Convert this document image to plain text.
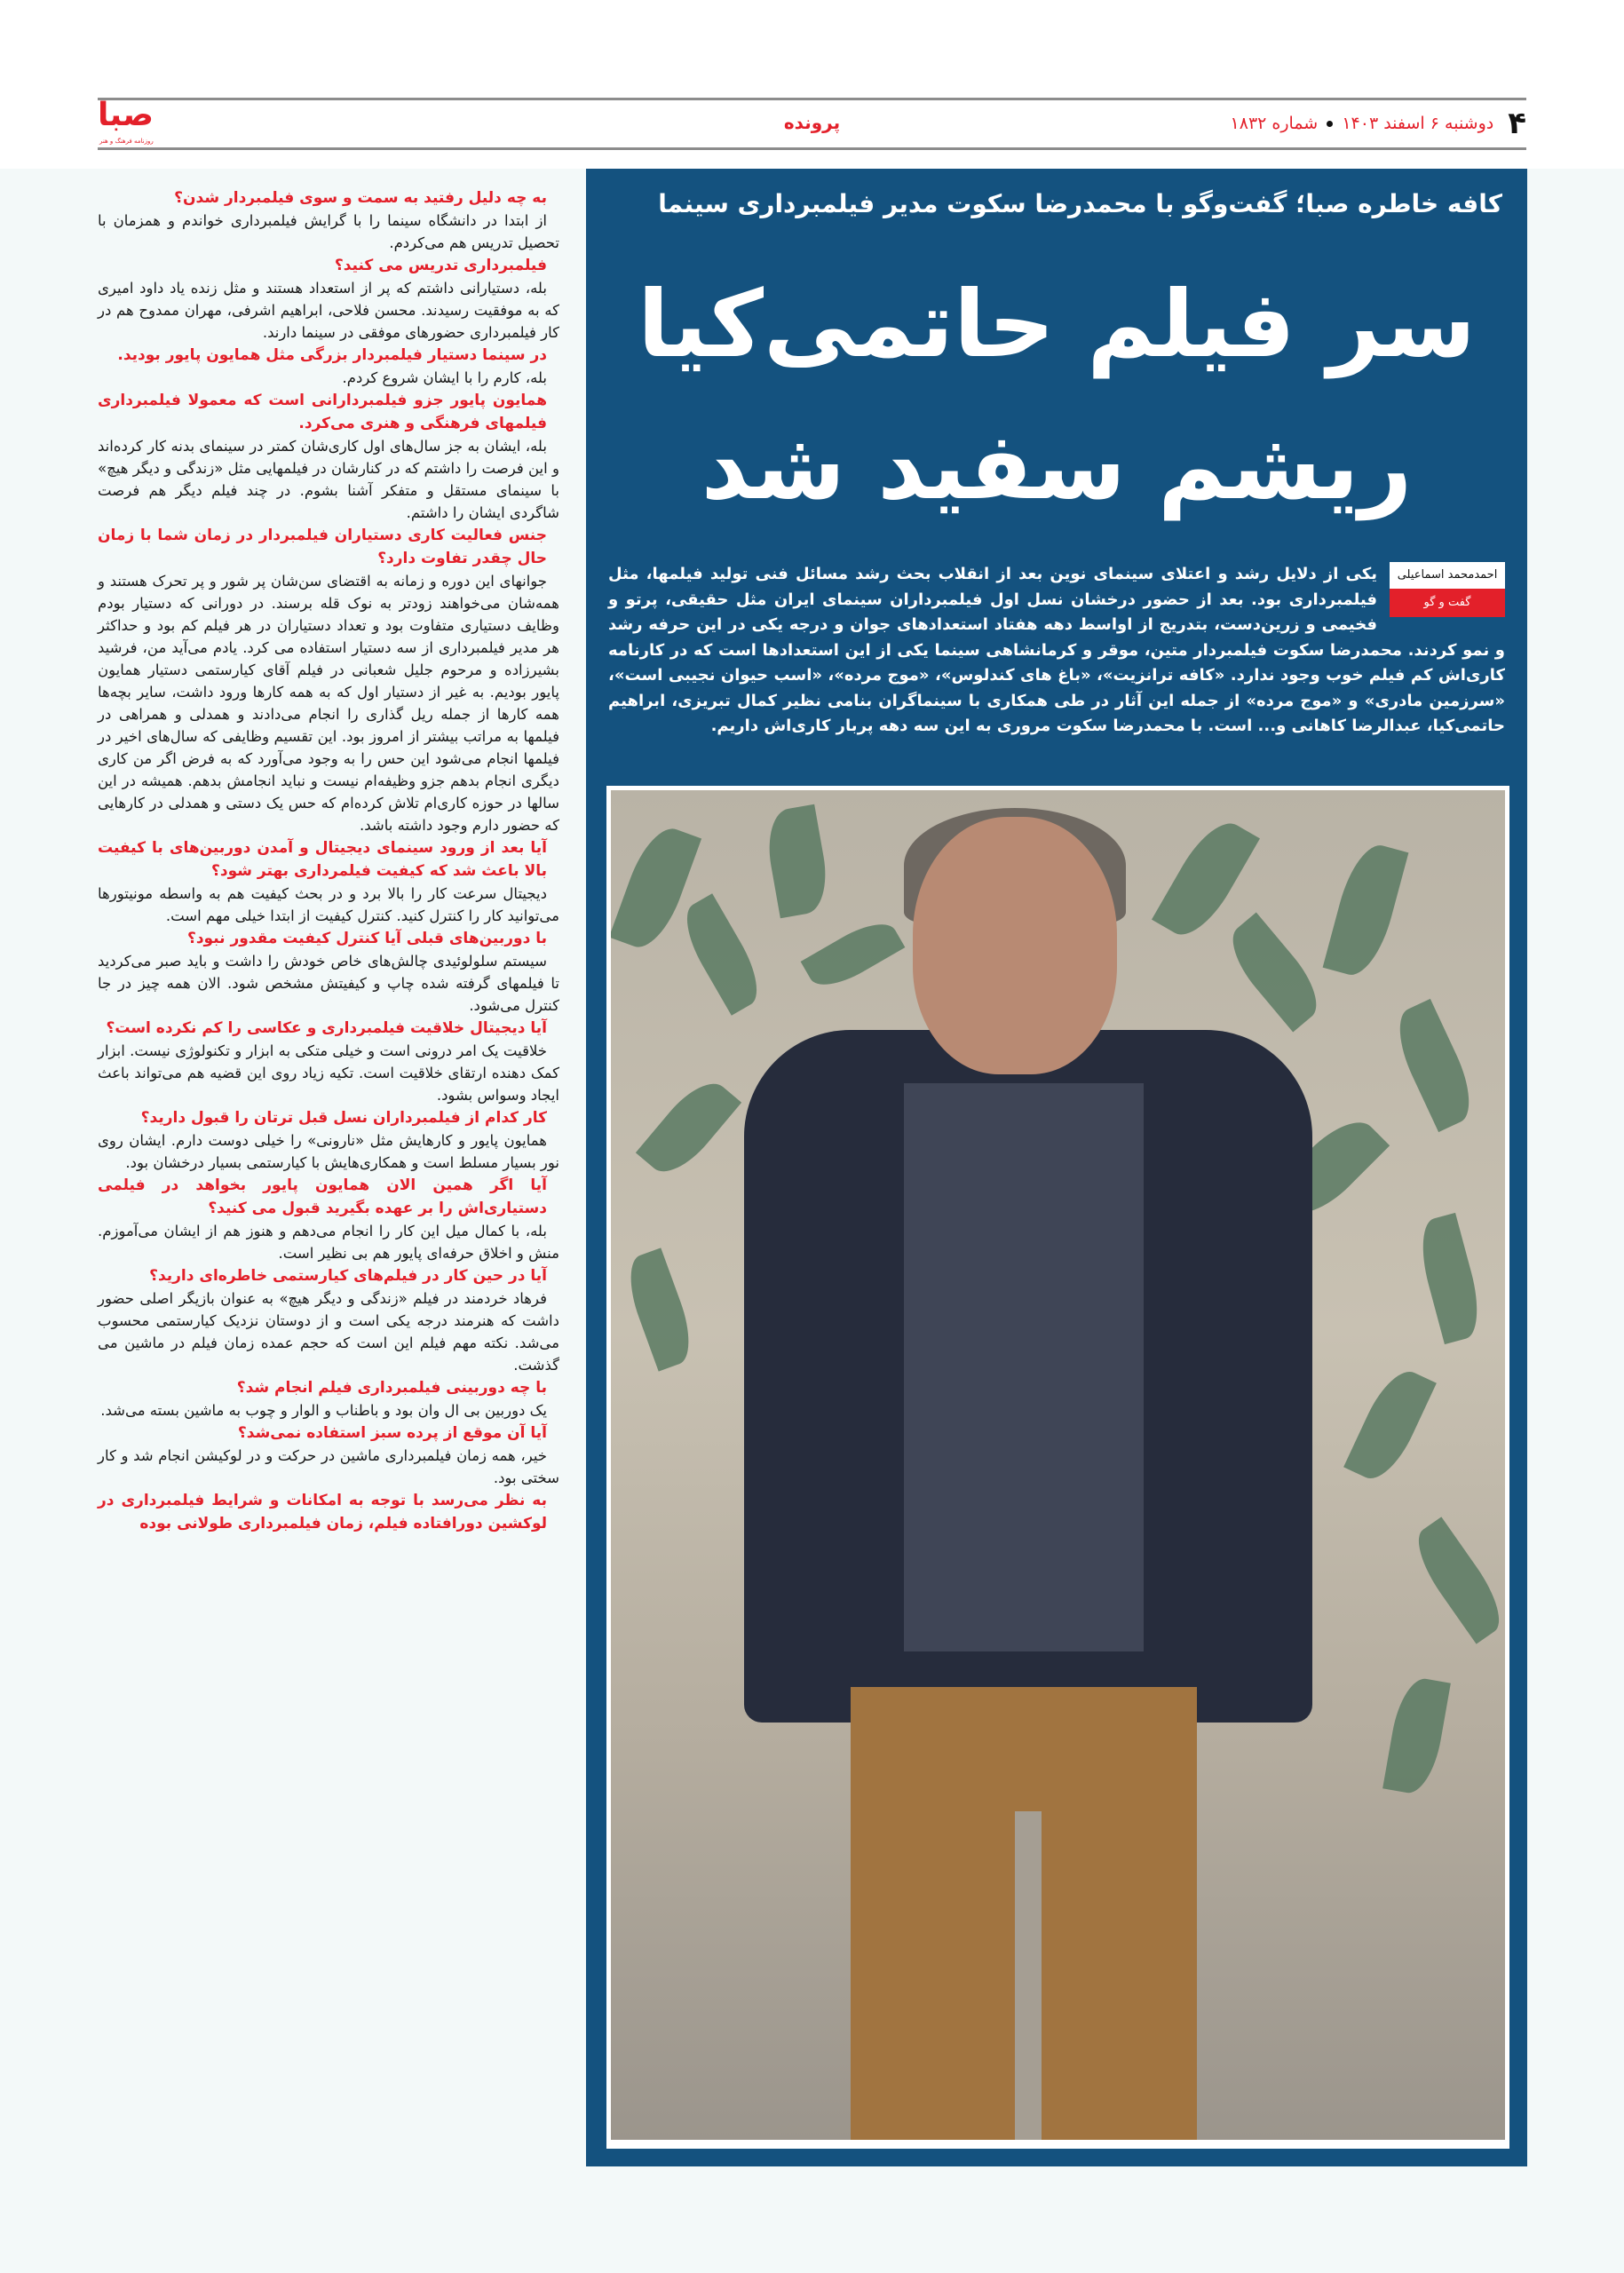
صبا
روزنامه فرهنگ و هنر
پرونده	۴
دوشنبه ۶ اسفند ۱۴۰۳  شماره ۱۸۳۲
کافه خاطره صبا؛ گفت‌وگو با محمدرضا سکوت مدیر فیلمبرداری سینما
سر فیلم حاتمی‌کیا
ریشم سفید شد
احمدمحمد اسماعیلی
گفت و گو
یکی از دلایل رشد و اعتلای سینمای نوین بعد از انقلاب بحث رشد مسائل فنی تولید فیلمها، مثل فیلمبرداری بود. بعد از حضور درخشان نسل اول فیلمبرداران سینمای ایران مثل حقیقی، پرتو و فخیمی و زرین‌دست، بتدریج از اواسط دهه هفتاد استعدادهای جوان و درجه یکی در این حرفه رشد و نمو کردند. محمدرضا سکوت فیلمبردار متین، موقر و کرمانشاهی سینما یکی از این استعدادها است که در کارنامه کاری‌اش کم فیلم خوب وجود ندارد. «کافه ترانزیت»، «باغ های کندلوس»، «موج مرده»، «اسب حیوان نجیبی است»، «سرزمین مادری» و «موج مرده» از جمله این آثار در طی همکاری با سینماگران بنامی نظیر کمال تبریزی، ابراهیم حاتمی‌کیا، عبدالرضا کاهانی و... است. با محمدرضا سکوت مروری به این سه دهه پربار کاری‌اش داریم.
به چه دلیل رفتید به سمت و سوی فیلمبردار شدن؟

از ابتدا در دانشگاه سینما را با گرایش فیلمبرداری خواندم و همزمان با تحصیل تدریس هم می‌کردم.

فیلمبرداری تدریس می کنید؟

بله، دستیارانی داشتم که پر از استعداد هستند و مثل زنده یاد داود امیری که به موفقیت رسیدند. محسن فلاحی، ابراهیم اشرفی، مهران ممدوح هم در کار فیلمبرداری حضورهای موفقی در سینما دارند.

در سینما دستیار فیلمبردار بزرگی مثل همایون پایور بودید.

بله، کارم را با ایشان شروع کردم.

همایون پایور جزو فیلمبردارانی است که معمولا فیلمبرداری فیلمهای فرهنگی و هنری می‌کرد.

بله، ایشان به جز سال‌های اول کاری‌شان کمتر در سینمای بدنه کار کرده‌اند و این فرصت را داشتم که در کنارشان در فیلمهایی مثل «زندگی و دیگر هیچ» با سینمای مستقل و متفکر آشنا بشوم. در چند فیلم دیگر هم فرصت شاگردی ایشان را داشتم.

جنس فعالیت کاری دستیاران فیلمبردار در زمان شما با زمان حال چقدر تفاوت دارد؟

جوانهای این دوره و زمانه به اقتضای سن‌شان پر شور و پر تحرک هستند و همه‌شان می‌خواهند زودتر به نوک قله برسند. در دورانی که دستیار بودم وظایف دستیاری متفاوت بود و تعداد دستیاران در هر فیلم کم بود و حداکثر هر مدیر فیلمبرداری از سه دستیار استفاده می کرد. یادم می‌آید من، فرشید بشیرزاده و مرحوم جلیل شعبانی در فیلم آقای کیارستمی دستیار همایون پایور بودیم. به غیر از دستیار اول که به همه کارها ورود داشت، سایر بچه‌ها همه کارها از جمله ریل گذاری را انجام می‌دادند و همدلی و همراهی در فیلمها به مراتب بیشتر از امروز بود. این تقسیم وظایفی که سال‌های اخیر در فیلمها انجام می‌شود این حس را به وجود می‌آورد که به فرض اگر من کاری دیگری انجام بدهم جزو وظیفه‌ام نیست و نباید انجامش بدهم. همیشه در این سالها در حوزه کاری‌ام تلاش کرده‌ام که حس یک دستی و همدلی در کارهایی که حضور دارم وجود داشته باشد.

آیا بعد از ورود سینمای دیجیتال و آمدن دوربین‌های با کیفیت بالا باعث شد که کیفیت فیلمرداری بهتر شود؟

دیجیتال سرعت کار را بالا برد و در بحث کیفیت هم به واسطه مونیتورها می‌توانید کار را کنترل کنید. کنترل کیفیت از ابتدا خیلی مهم است.

با دوربین‌های قبلی آیا کنترل کیفیت مقدور نبود؟

سیستم سلولوئیدی چالش‌های خاص خودش را داشت و باید صبر می‌کردید تا فیلمهای گرفته شده چاپ و کیفیتش مشخص شود. الان همه چیز در جا کنترل می‌شود.

آیا دیجیتال خلاقیت فیلمبرداری و عکاسی را کم نکرده است؟

خلاقیت یک امر درونی است و خیلی متکی به ابزار و تکنولوژی نیست. ابزار کمک دهنده ارتقای خلاقیت است. تکیه زیاد روی این قضیه هم می‌تواند باعث ایجاد وسواس بشود.

کار کدام از فیلمبرداران نسل قبل ترتان را قبول دارید؟

همایون پایور و کارهایش مثل «نارونی» را خیلی دوست دارم. ایشان روی نور بسیار مسلط است و همکاری‌هایش با کیارستمی بسیار درخشان بود.

آیا اگر همین الان همایون پایور بخواهد در فیلمی دستیاری‌اش را بر عهده بگیرید قبول می کنید؟

بله، با کمال میل این کار را انجام می‌دهم و هنوز هم از ایشان می‌آموزم. منش و اخلاق حرفه‌ای پایور هم بی نظیر است.

آیا در حین کار در فیلم‌های کیارستمی خاطره‌ای دارید؟

فرهاد خردمند در فیلم «زندگی و دیگر هیچ» به عنوان بازیگر اصلی حضور داشت که هنرمند درجه یکی است و از دوستان نزدیک کیارستمی محسوب می‌شد. نکته مهم فیلم این است که حجم عمده زمان فیلم در ماشین می گذشت.

با چه دوربینی فیلمبرداری فیلم انجام شد؟

یک دوربین بی ال وان بود و باطناب و الوار و چوب به ماشین بسته می‌شد.

آیا آن موقع از پرده سبز استفاده نمی‌شد؟

خیر، همه زمان فیلمبرداری ماشین در حرکت و در لوکیشن انجام شد و کار سختی بود.

به نظر می‌رسد با توجه به امکانات و شرایط فیلمبرداری در لوکشین دورافتاده فیلم، زمان فیلمبرداری طولانی بوده
